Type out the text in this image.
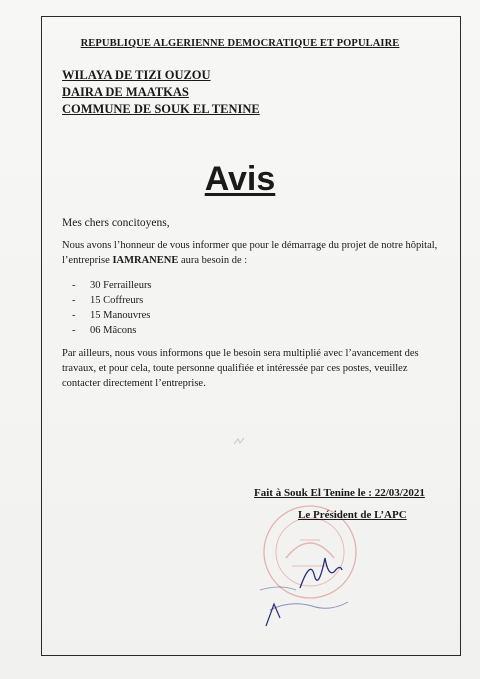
REPUBLIQUE ALGERIENNE DEMOCRATIQUE ET POPULAIRE
WILAYA DE TIZI OUZOU
DAIRA DE MAATKAS
COMMUNE DE SOUK EL TENINE
Avis
Mes chers concitoyens,
Nous avons l’honneur de vous informer que pour le démarrage du projet de notre hôpital, l’entreprise IAMRANENE aura besoin de :
-	30 Ferrailleurs
-	15 Coffreurs
-	15 Manouvres
-	06 Mâcons
Par ailleurs, nous vous informons que le besoin sera multiplié avec l’avancement des travaux, et pour cela, toute personne qualifiée et intéressée par ces postes, veuillez contacter directement l’entreprise.
Fait à Souk El Tenine le : 22/03/2021
Le Président de L’APC
